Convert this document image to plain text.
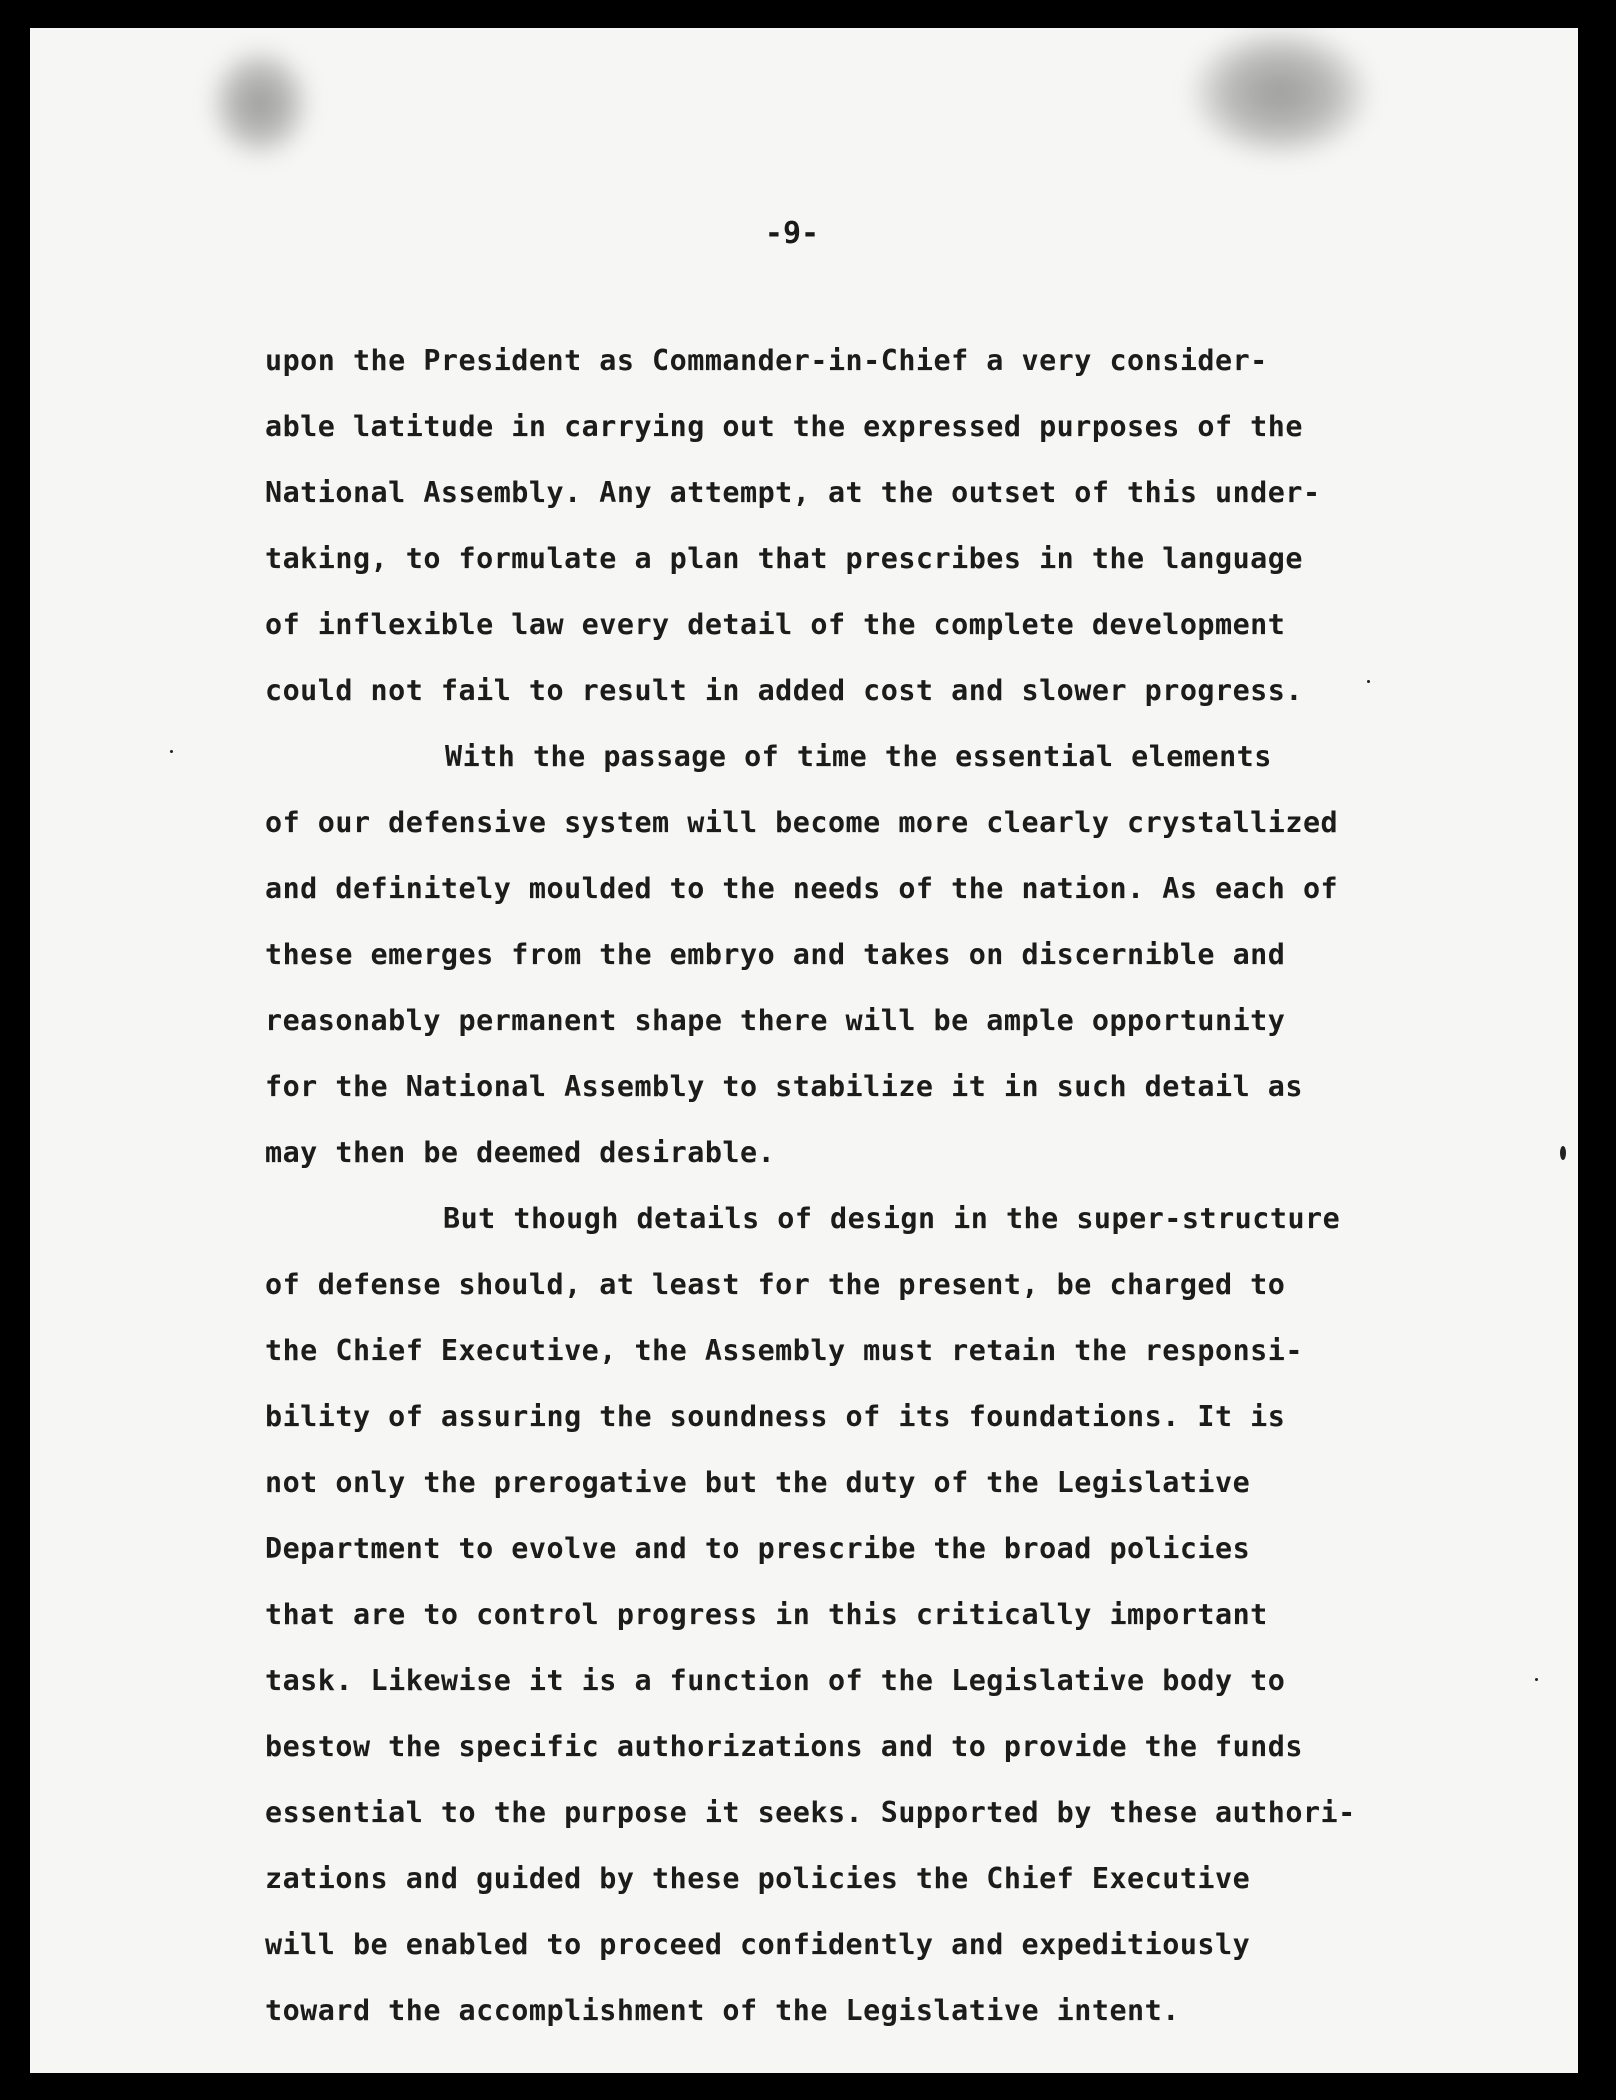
-9-
upon the President as Commander-in-Chief a very consider-
able latitude in carrying out the expressed purposes of the
National Assembly. Any attempt, at the outset of this under-
taking, to formulate a plan that prescribes in the language
of inflexible law every detail of the complete development
could not fail to result in added cost and slower progress.
With the passage of time the essential elements
of our defensive system will become more clearly crystallized
and definitely moulded to the needs of the nation. As each of
these emerges from the embryo and takes on discernible and
reasonably permanent shape there will be ample opportunity
for the National Assembly to stabilize it in such detail as
may then be deemed desirable.
But though details of design in the super-structure
of defense should, at least for the present, be charged to
the Chief Executive, the Assembly must retain the responsi-
bility of assuring the soundness of its foundations. It is
not only the prerogative but the duty of the Legislative
Department to evolve and to prescribe the broad policies
that are to control progress in this critically important
task. Likewise it is a function of the Legislative body to
bestow the specific authorizations and to provide the funds
essential to the purpose it seeks. Supported by these authori-
zations and guided by these policies the Chief Executive
will be enabled to proceed confidently and expeditiously
toward the accomplishment of the Legislative intent.
